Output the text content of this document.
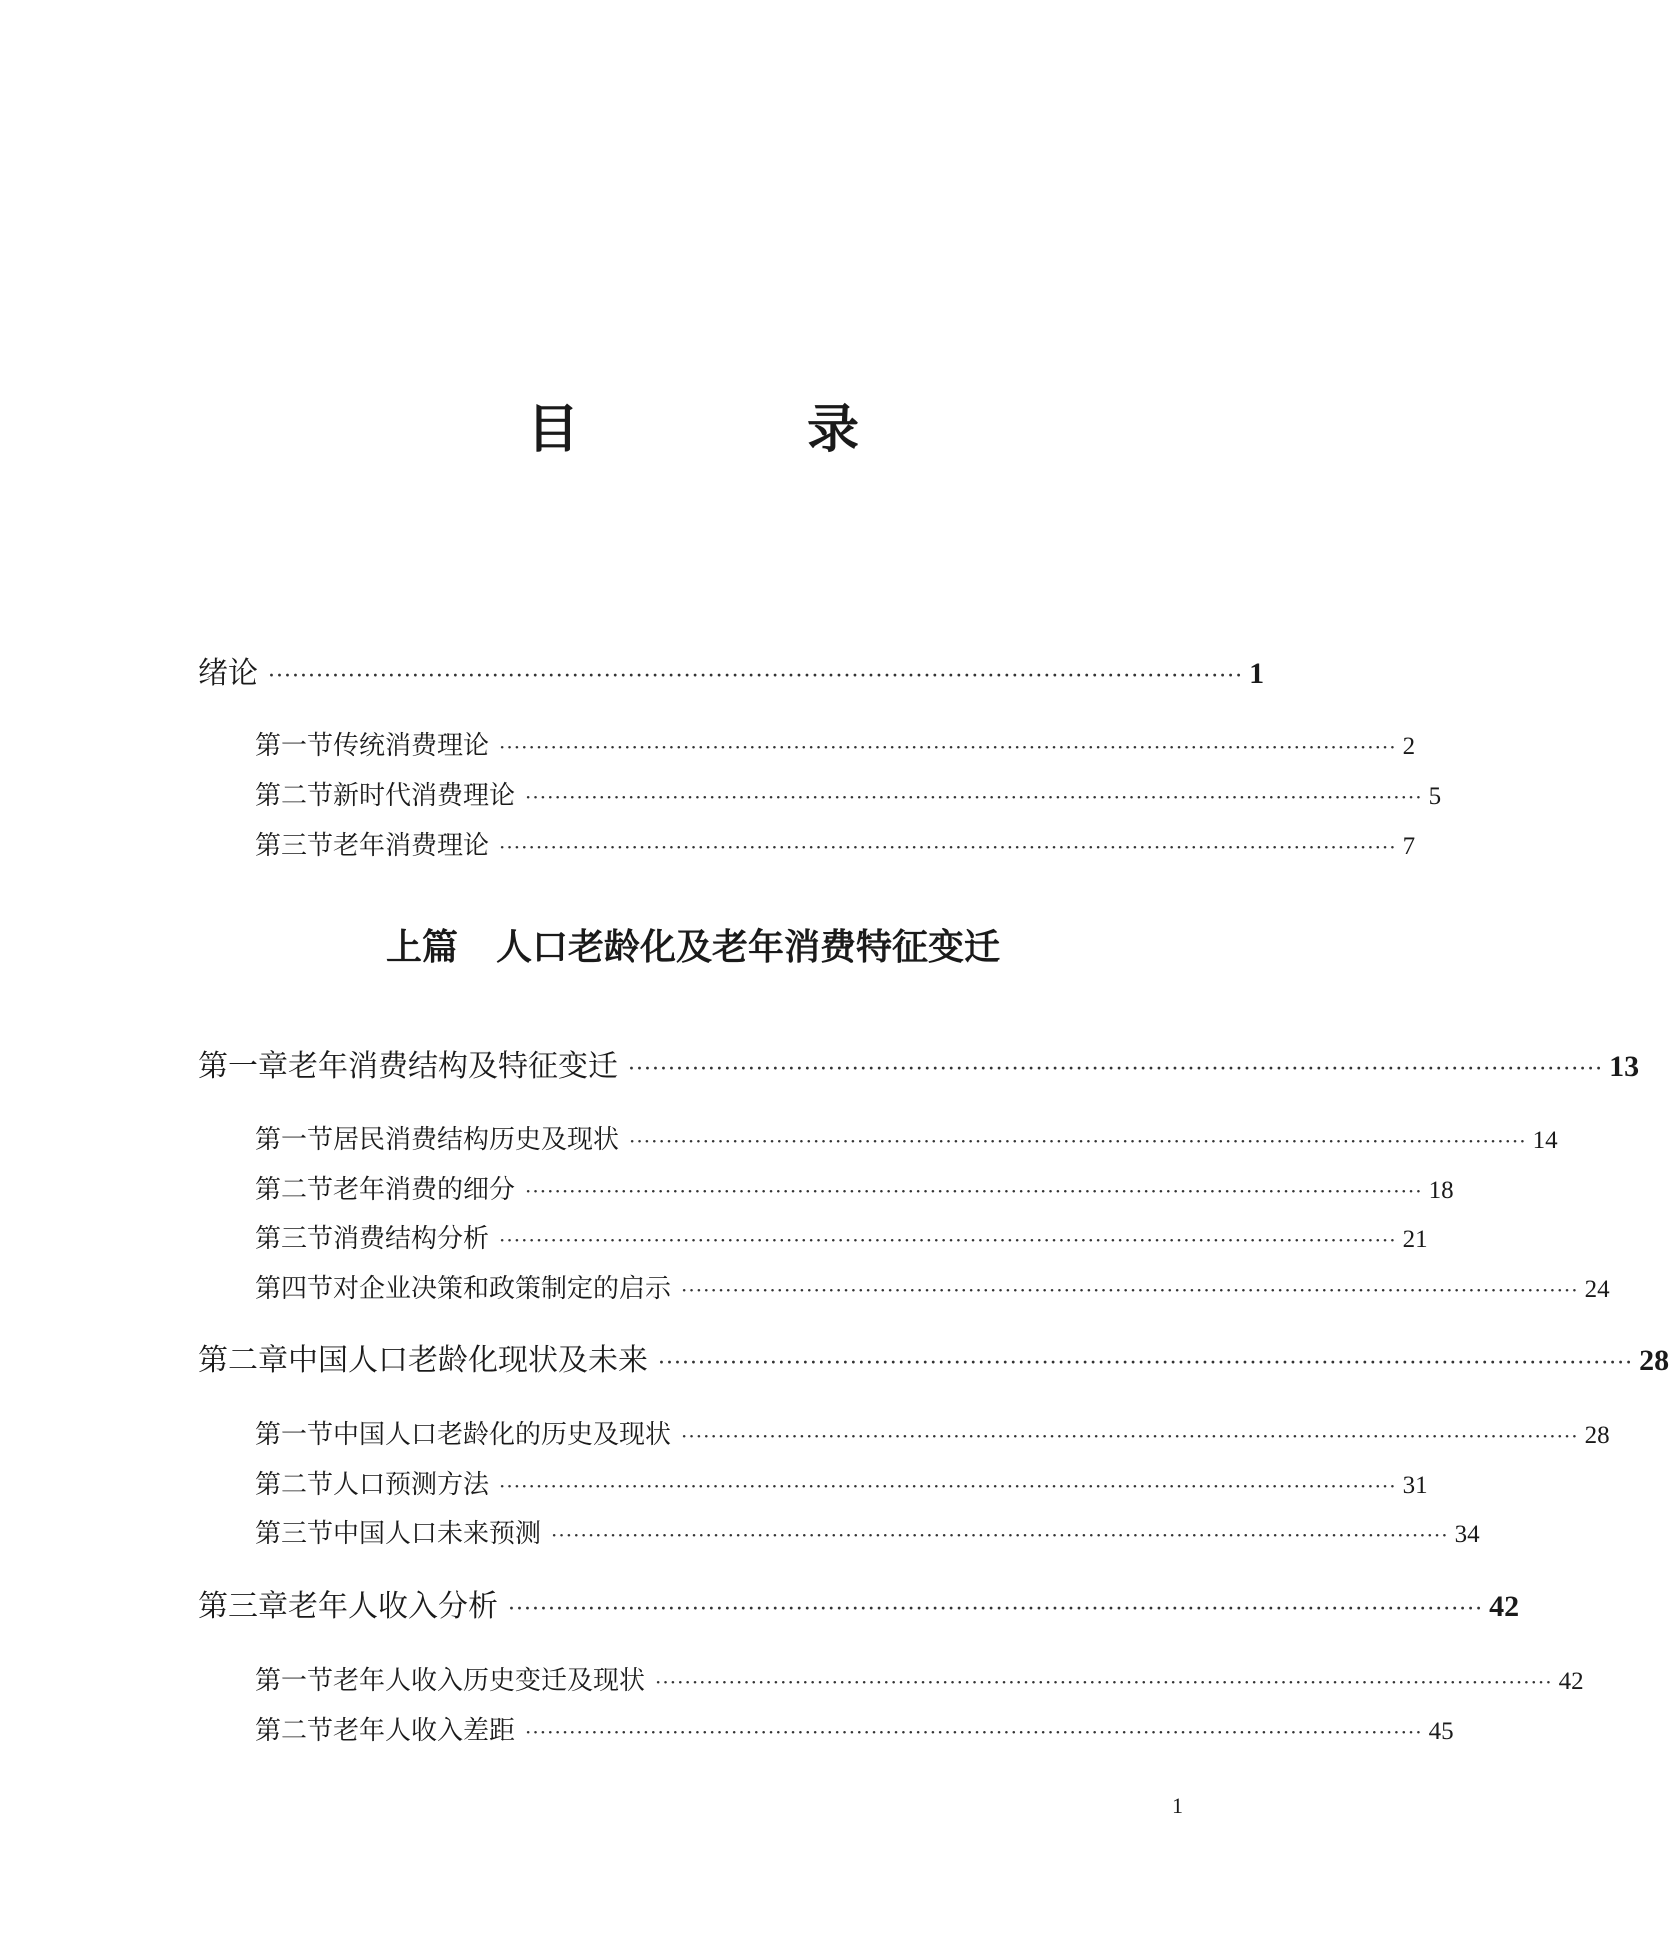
目　录
绪论 ·························································································································· 1
第一节 传统消费理论 ·························································································································· 2
第二节 新时代消费理论 ·························································································································· 5
第三节 老年消费理论 ·························································································································· 7
上篇 人口老龄化及老年消费特征变迁
第一章 老年消费结构及特征变迁 ·························································································································· 13
第一节 居民消费结构历史及现状 ·························································································································· 14
第二节 老年消费的细分 ·························································································································· 18
第三节 消费结构分析 ·························································································································· 21
第四节 对企业决策和政策制定的启示 ·························································································································· 24
第二章 中国人口老龄化现状及未来 ·························································································································· 28
第一节 中国人口老龄化的历史及现状 ·························································································································· 28
第二节 人口预测方法 ·························································································································· 31
第三节 中国人口未来预测 ·························································································································· 34
第三章 老年人收入分析 ·························································································································· 42
第一节 老年人收入历史变迁及现状 ·························································································································· 42
第二节 老年人收入差距 ·························································································································· 45
1
